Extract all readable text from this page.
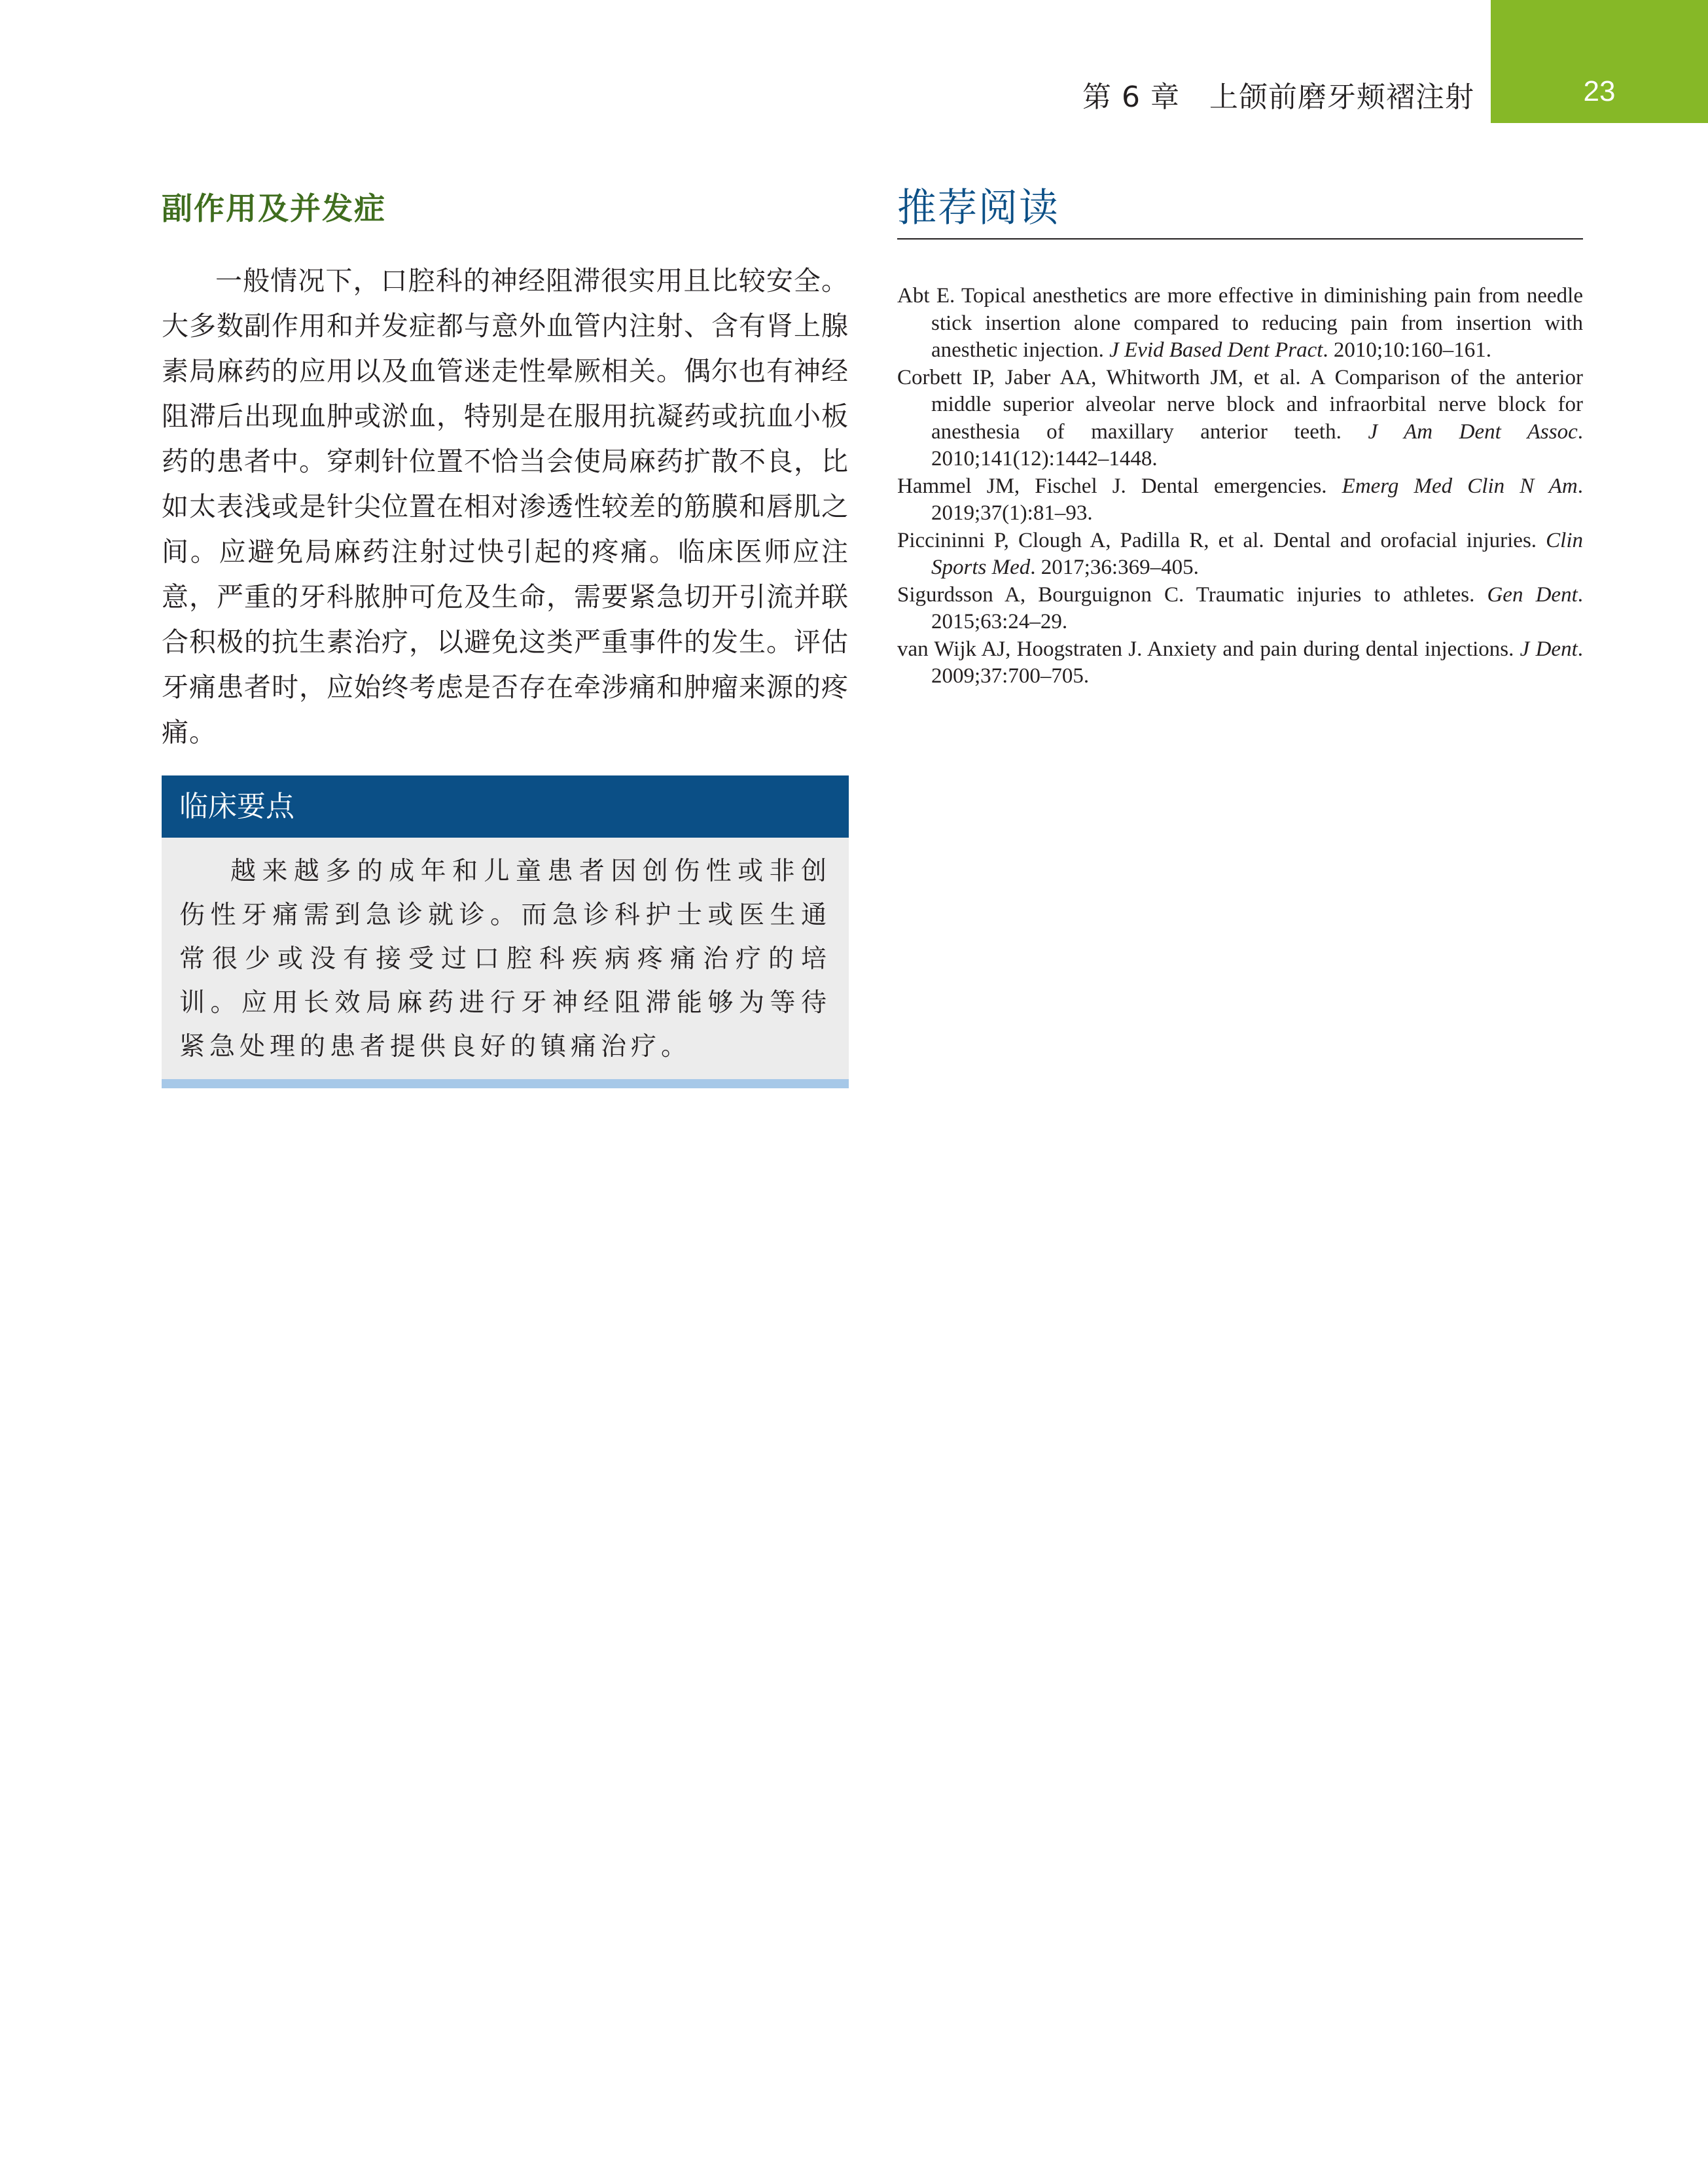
第 6 章　上颌前磨牙颊褶注射	23
副作用及并发症

一般情况下，口腔科的神经阻滞很实用且比较安全。大多数副作用和并发症都与意外血管内注射、含有肾上腺素局麻药的应用以及血管迷走性晕厥相关。偶尔也有神经阻滞后出现血肿或淤血，特别是在服用抗凝药或抗血小板药的患者中。穿刺针位置不恰当会使局麻药扩散不良，比如太表浅或是针尖位置在相对渗透性较差的筋膜和唇肌之间。应避免局麻药注射过快引起的疼痛。临床医师应注意，严重的牙科脓肿可危及生命，需要紧急切开引流并联合积极的抗生素治疗，以避免这类严重事件的发生。评估牙痛患者时，应始终考虑是否存在牵涉痛和肿瘤来源的疼痛。

临床要点
越来越多的成年和儿童患者因创伤性或非创伤性牙痛需到急诊就诊。而急诊科护士或医生通常很少或没有接受过口腔科疾病疼痛治疗的培训。应用长效局麻药进行牙神经阻滞能够为等待紧急处理的患者提供良好的镇痛治疗。
推荐阅读
Abt E. Topical anesthetics are more effective in diminishing pain from needle stick insertion alone compared to reducing pain from insertion with anesthetic injection. J Evid Based Dent Pract. 2010;10:160–161.
Corbett IP, Jaber AA, Whitworth JM, et al. A Comparison of the anterior middle superior alveolar nerve block and infraorbital nerve block for anesthesia of maxillary anterior teeth. J Am Dent Assoc. 2010;141(12):1442–1448.
Hammel JM, Fischel J. Dental emergencies. Emerg Med Clin N Am. 2019;37(1):81–93.
Piccininni P, Clough A, Padilla R, et al. Dental and orofacial injuries. Clin Sports Med. 2017;36:369–405.
Sigurdsson A, Bourguignon C. Traumatic injuries to athletes. Gen Dent. 2015;63:24–29.
van Wijk AJ, Hoogstraten J. Anxiety and pain during dental injections. J Dent. 2009;37:700–705.
